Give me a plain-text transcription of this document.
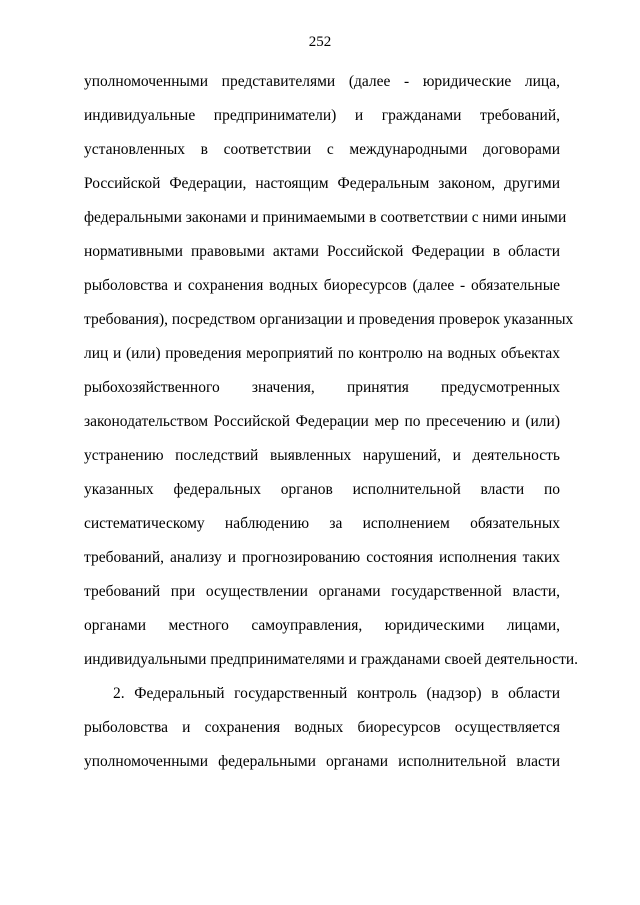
252
уполномоченными представителями (далее - юридические лица,
индивидуальные предприниматели) и гражданами требований,
установленных в соответствии с международными договорами
Российской Федерации, настоящим Федеральным законом, другими
федеральными законами и принимаемыми в соответствии с ними иными
нормативными правовыми актами Российской Федерации в области
рыболовства и сохранения водных биоресурсов (далее - обязательные
требования), посредством организации и проведения проверок указанных
лиц и (или) проведения мероприятий по контролю на водных объектах
рыбохозяйственного значения, принятия предусмотренных
законодательством Российской Федерации мер по пресечению и (или)
устранению последствий выявленных нарушений, и деятельность
указанных федеральных органов исполнительной власти по
систематическому наблюдению за исполнением обязательных
требований, анализу и прогнозированию состояния исполнения таких
требований при осуществлении органами государственной власти,
органами местного самоуправления, юридическими лицами,
индивидуальными предпринимателями и гражданами своей деятельности.
2. Федеральный государственный контроль (надзор) в области
рыболовства и сохранения водных биоресурсов осуществляется
уполномоченными федеральными органами исполнительной власти
